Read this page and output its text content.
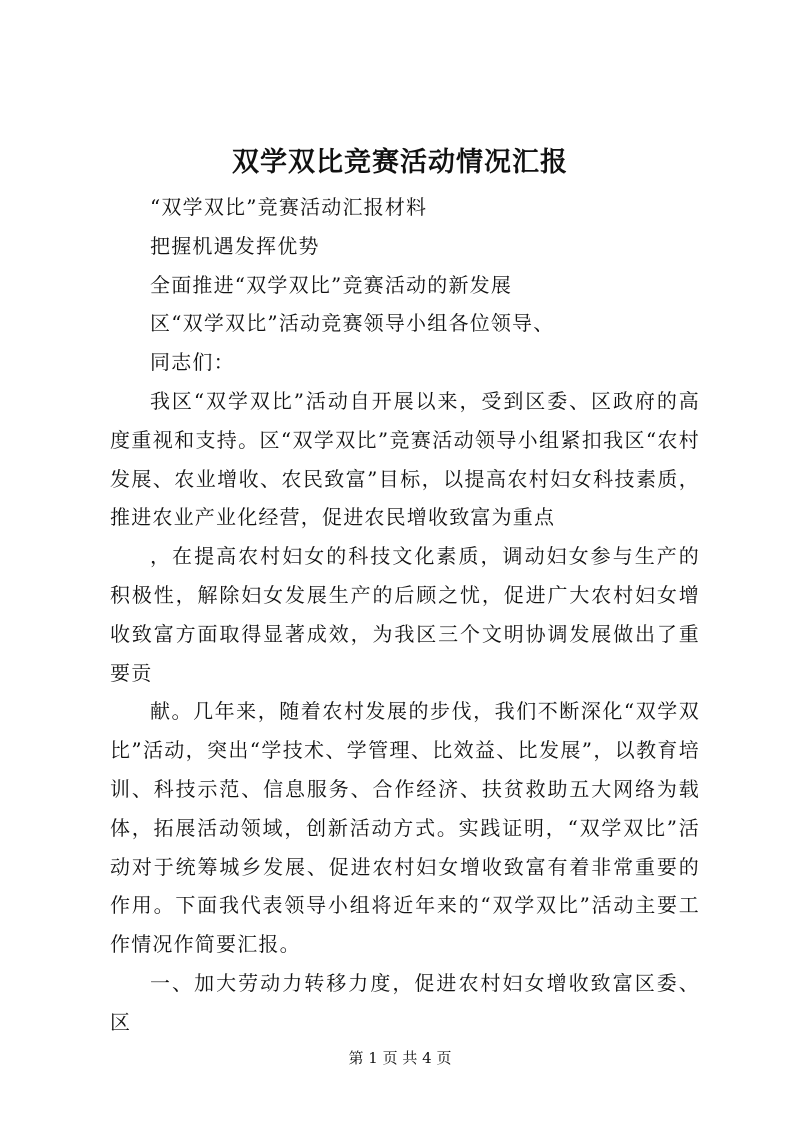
双学双比竞赛活动情况汇报

“双学双比”竞赛活动汇报材料

把握机遇发挥优势

全面推进“双学双比”竞赛活动的新发展

区“双学双比”活动竞赛领导小组各位领导、

同志们：

我区“双学双比”活动自开展以来，受到区委、区政府的高度重视和支持。区“双学双比”竞赛活动领导小组紧扣我区“农村发展、农业增收、农民致富”目标，以提高农村妇女科技素质，推进农业产业化经营，促进农民增收致富为重点

，在提高农村妇女的科技文化素质，调动妇女参与生产的积极性，解除妇女发展生产的后顾之忧，促进广大农村妇女增收致富方面取得显著成效，为我区三个文明协调发展做出了重要贡

献。几年来，随着农村发展的步伐，我们不断深化“双学双比”活动，突出“学技术、学管理、比效益、比发展”，以教育培训、科技示范、信息服务、合作经济、扶贫救助五大网络为载体，拓展活动领域，创新活动方式。实践证明，“双学双比”活动对于统筹城乡发展、促进农村妇女增收致富有着非常重要的作用。下面我代表领导小组将近年来的“双学双比”活动主要工作情况作简要汇报。

一、加大劳动力转移力度，促进农村妇女增收致富区委、区

第 1 页 共 4 页
